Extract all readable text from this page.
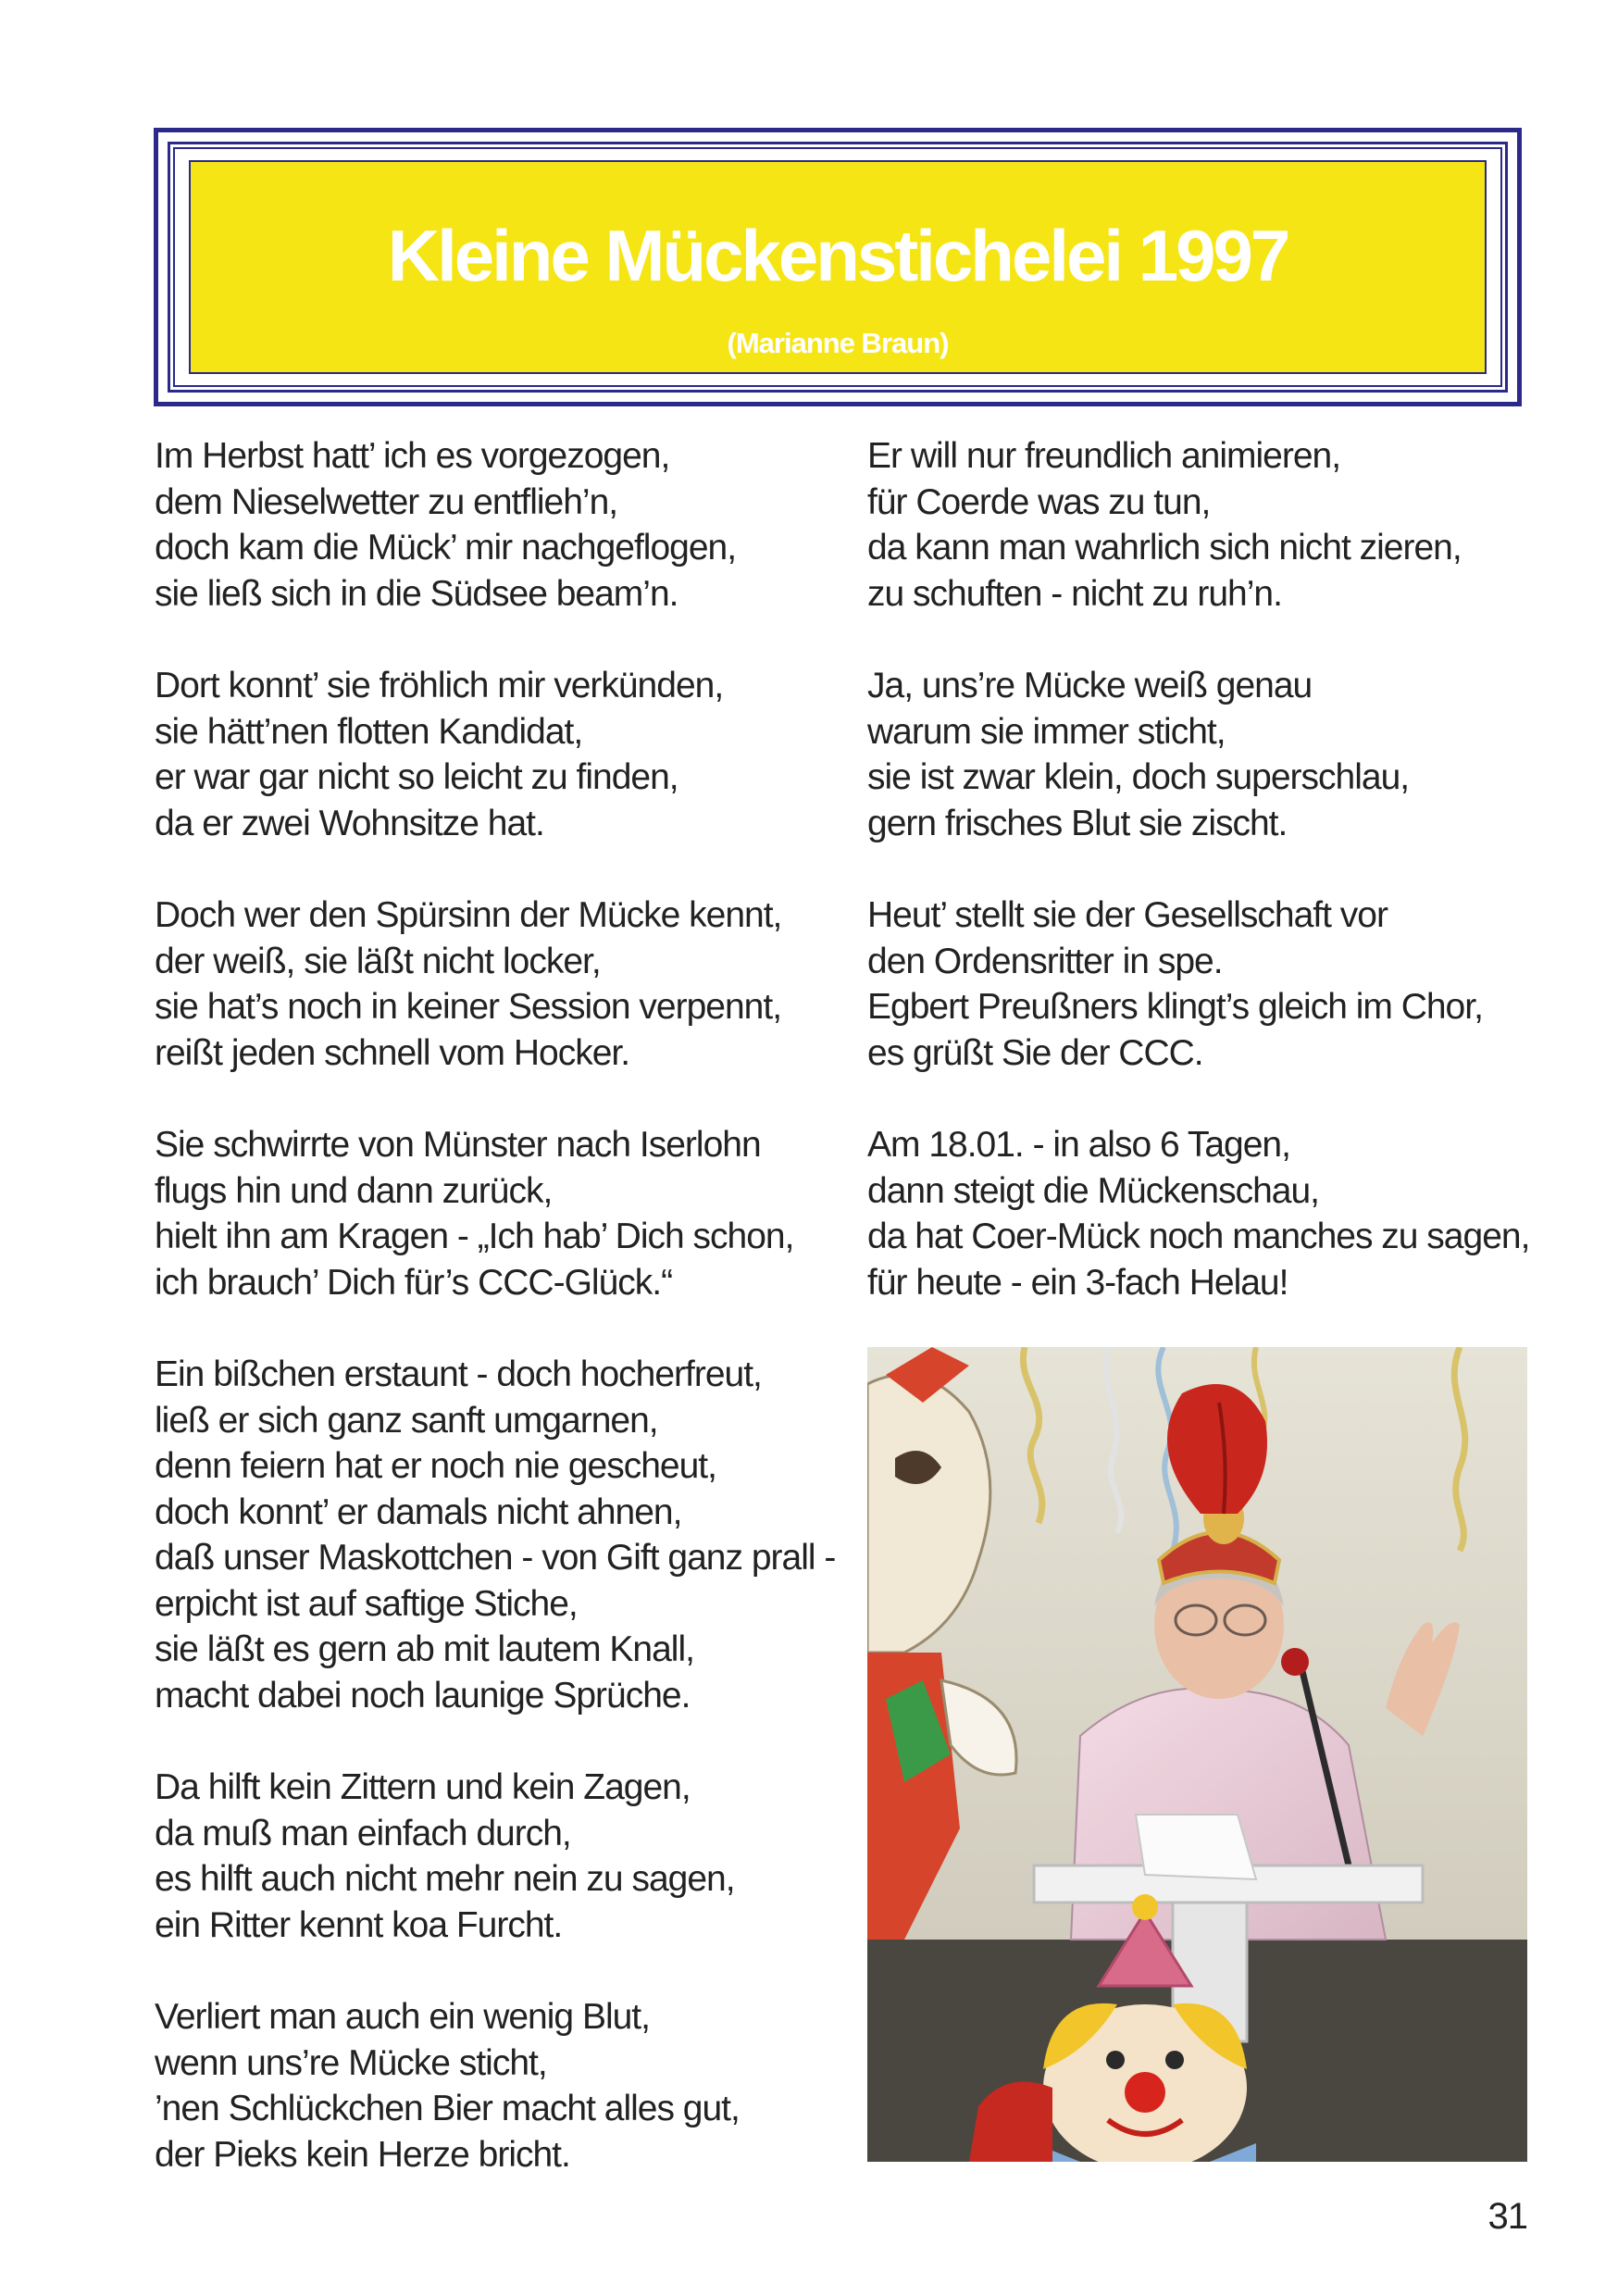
Kleine Mückenstichelei 1997
(Marianne Braun)
Im Herbst hatt’ ich es vorgezogen,
dem Nieselwetter zu entflieh’n,
doch kam die Mück’ mir nachgeflogen,
sie ließ sich in die Südsee beam’n.
Dort konnt’ sie fröhlich mir verkünden,
sie hätt’nen flotten Kandidat,
er war gar nicht so leicht zu finden,
da er zwei Wohnsitze hat.
Doch wer den Spürsinn der Mücke kennt,
der weiß, sie läßt nicht locker,
sie hat’s noch in keiner Session verpennt,
reißt jeden schnell vom Hocker.
Sie schwirrte von Münster nach Iserlohn
flugs hin und dann zurück,
hielt ihn am Kragen - „Ich hab’ Dich schon,
ich brauch’ Dich für’s CCC-Glück.“
Ein bißchen erstaunt - doch hocherfreut,
ließ er sich ganz sanft umgarnen,
denn feiern hat er noch nie gescheut,
doch konnt’ er damals nicht ahnen,
daß unser Maskottchen - von Gift ganz prall -
erpicht ist auf saftige Stiche,
sie läßt es gern ab mit lautem Knall,
macht dabei noch launige Sprüche.
Da hilft kein Zittern und kein Zagen,
da muß man einfach durch,
es hilft auch nicht mehr nein zu sagen,
ein Ritter kennt koa Furcht.
Verliert man auch ein wenig Blut,
wenn uns’re Mücke sticht,
’nen Schlückchen Bier macht alles gut,
der Pieks kein Herze bricht.
Er will nur freundlich animieren,
für Coerde was zu tun,
da kann man wahrlich sich nicht zieren,
zu schuften - nicht zu ruh’n.
Ja, uns’re Mücke weiß genau
warum sie immer sticht,
sie ist zwar klein, doch superschlau,
gern frisches Blut sie zischt.
Heut’ stellt sie der Gesellschaft vor
den Ordensritter in spe.
Egbert Preußners klingt’s gleich im Chor,
es grüßt Sie der CCC.
Am 18.01. - in also 6 Tagen,
dann steigt die Mückenschau,
da hat Coer-Mück noch manches zu sagen,
für heute - ein 3-fach Helau!
31
